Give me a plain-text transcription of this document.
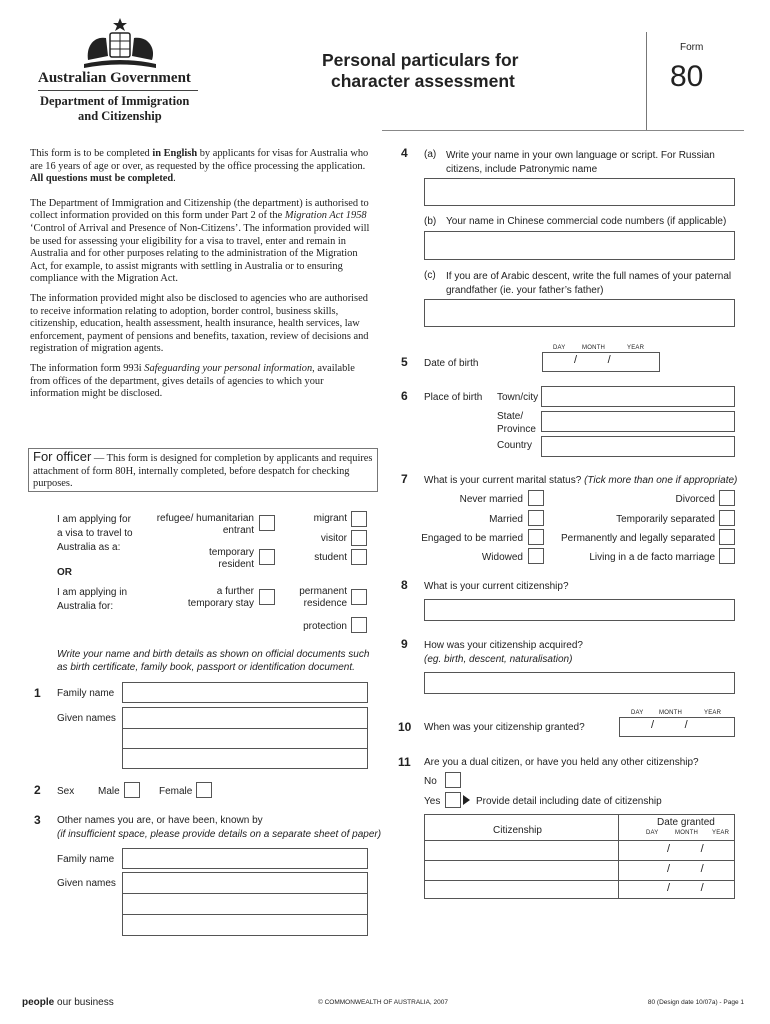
Australian Government
Department of Immigration
and Citizenship
Personal particulars for
character assessment
Form
80

This form is to be completed in English by applicants for visas for Australia who are 16 years of age or over, as requested by the office processing the application. All questions must be completed.

The Department of Immigration and Citizenship (the department) is authorised to collect information provided on this form under Part 2 of the Migration Act 1958 ‘Control of Arrival and Presence of Non-Citizens’. The information provided will be used for assessing your eligibility for a visa to travel, enter and remain in Australia and for other purposes relating to the administration of the Migration Act, for example, to assist migrants with settling in Australia or to ensuring compliance with the Migration Act.

The information provided might also be disclosed to agencies who are authorised to receive information relating to adoption, border control, business skills, citizenship, education, health assessment, health insurance, health services, law enforcement, payment of pensions and benefits, taxation, review of decisions and registration of migration agents.

The information form 993i Safeguarding your personal information, available from offices of the department, gives details of agencies to which your information might be disclosed.

For officer — This form is designed for completion by applicants and requires attachment of form 80H, internally completed, before despatch for checking purposes.
I am applying for a visa to travel to Australia as a:
refugee/ humanitarian entrant
temporary resident
migrant
visitor
student
OR
I am applying in Australia for:
a further temporary stay
permanent residence
protection
Write your name and birth details as shown on official documents such as birth certificate, family book, passport or identification document.
1 Family name
Given names
2 Sex Male	Female
3 Other names you are, or have been, known by
(if insufficient space, please provide details on a separate sheet of paper)
Family name
Given names
4 (a) Write your name in your own language or script. For Russian citizens, include Patronymic name
(b) Your name in Chinese commercial code numbers (if applicable)
(c) If you are of Arabic descent, write the full names of your paternal grandfather (ie. your father’s father)
DAY	MONTH	YEAR
5 Date of birth	/          /
6 Place of birth Town/city
State/ Province
Country
7 What is your current marital status? (Tick more than one if appropriate)
Never married
Married
Engaged to be married
Widowed
Divorced
Temporarily separated
Permanently and legally separated
Living in a de facto marriage
8 What is your current citizenship?
9 How was your citizenship acquired?
(eg. birth, descent, naturalisation)
DAY	MONTH	YEAR
10 When was your citizenship granted?	/          /
11 Are you a dual citizen, or have you held any other citizenship?
No
Yes	Provide detail including date of citizenship
Citizenship
Date granted
DAY	MONTH YEAR
/          /
/          /
/          /
people our business	© COMMONWEALTH OF AUSTRALIA, 2007	80 (Design date 10/07a) - Page 1
